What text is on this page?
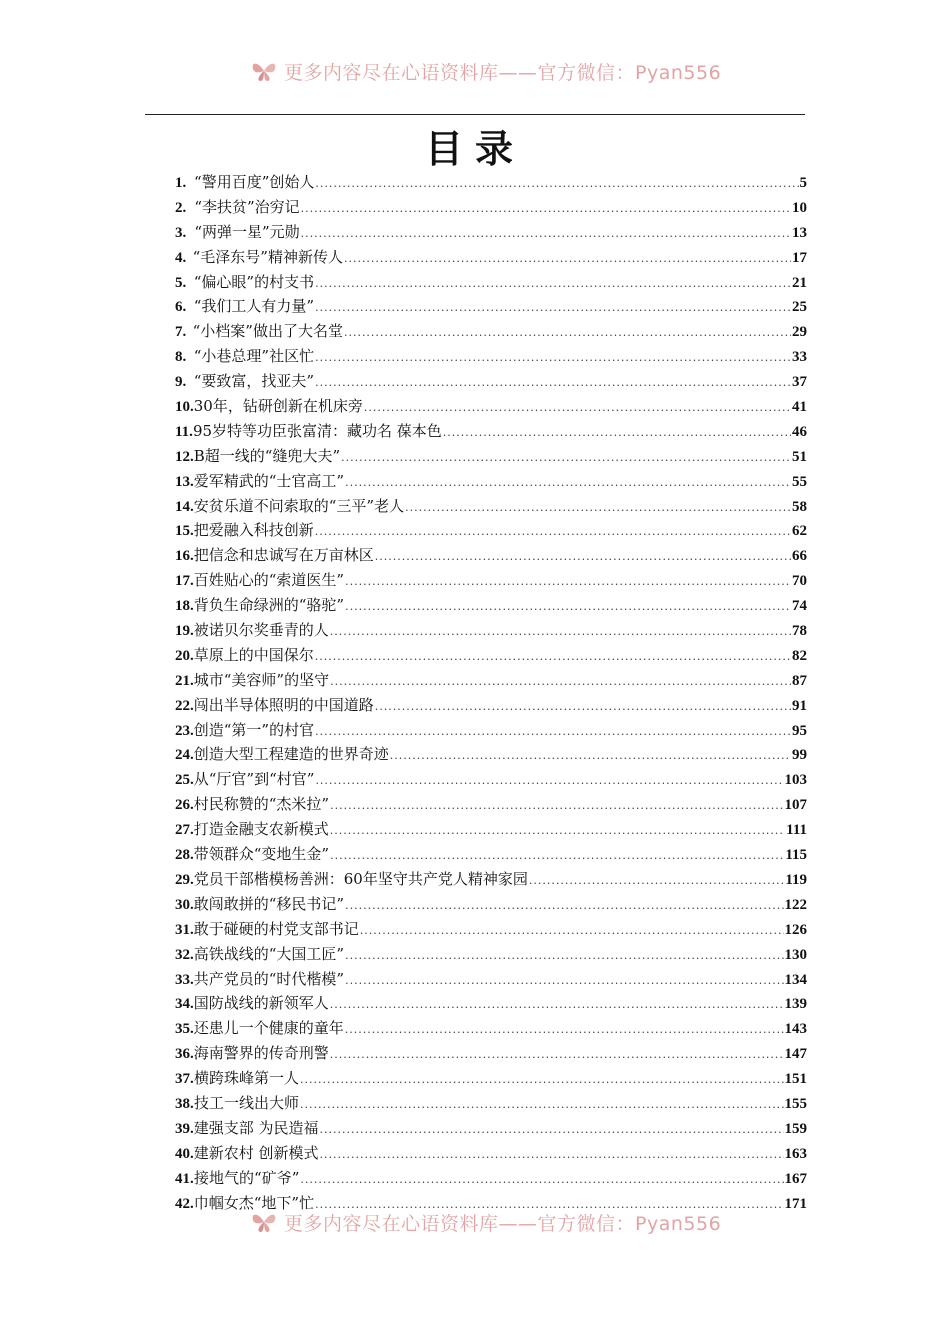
更多内容尽在心语资料库——官方微信：Pyan556
目录
1. “警用百度”创始人 .....	5
2. “李扶贫”治穷记 .....	10
3. “两弹一星”元勋 .....	13
4. “毛泽东号”精神新传人 .....	17
5. “偏心眼”的村支书 .....	21
6. “我们工人有力量” .....	25
7. “小档案”做出了大名堂 .....	29
8. “小巷总理”社区忙 .....	33
9. “要致富，找亚夫” .....	37
10. 30年，钻研创新在机床旁 .....	41
11. 95岁特等功臣张富清：藏功名 葆本色 .....	46
12. B超一线的“缝兜大夫” .....	51
13. 爱军精武的“士官高工” .....	55
14. 安贫乐道不问索取的“三平”老人 .....	58
15. 把爱融入科技创新 .....	62
16. 把信念和忠诚写在万亩林区 .....	66
17. 百姓贴心的“索道医生” .....	70
18. 背负生命绿洲的“骆驼” .....	74
19. 被诺贝尔奖垂青的人 .....	78
20. 草原上的中国保尔 .....	82
21. 城市“美容师”的坚守 .....	87
22. 闯出半导体照明的中国道路 .....	91
23. 创造“第一”的村官 .....	95
24. 创造大型工程建造的世界奇迹 .....	99
25. 从“厅官”到“村官” .....	103
26. 村民称赞的“杰米拉” .....	107
27. 打造金融支农新模式 .....	111
28. 带领群众“变地生金” .....	115
29. 党员干部楷模杨善洲：60年坚守共产党人精神家园 .....	119
30. 敢闯敢拼的“移民书记” .....	122
31. 敢于碰硬的村党支部书记 .....	126
32. 高铁战线的“大国工匠” .....	130
33. 共产党员的“时代楷模” .....	134
34. 国防战线的新领军人 .....	139
35. 还患儿一个健康的童年 .....	143
36. 海南警界的传奇刑警 .....	147
37. 横跨珠峰第一人 .....	151
38. 技工一线出大师 .....	155
39. 建强支部 为民造福 .....	159
40. 建新农村 创新模式 .....	163
41. 接地气的“矿爷” .....	167
42. 巾帼女杰“地下”忙 .....	171
更多内容尽在心语资料库——官方微信：Pyan556
